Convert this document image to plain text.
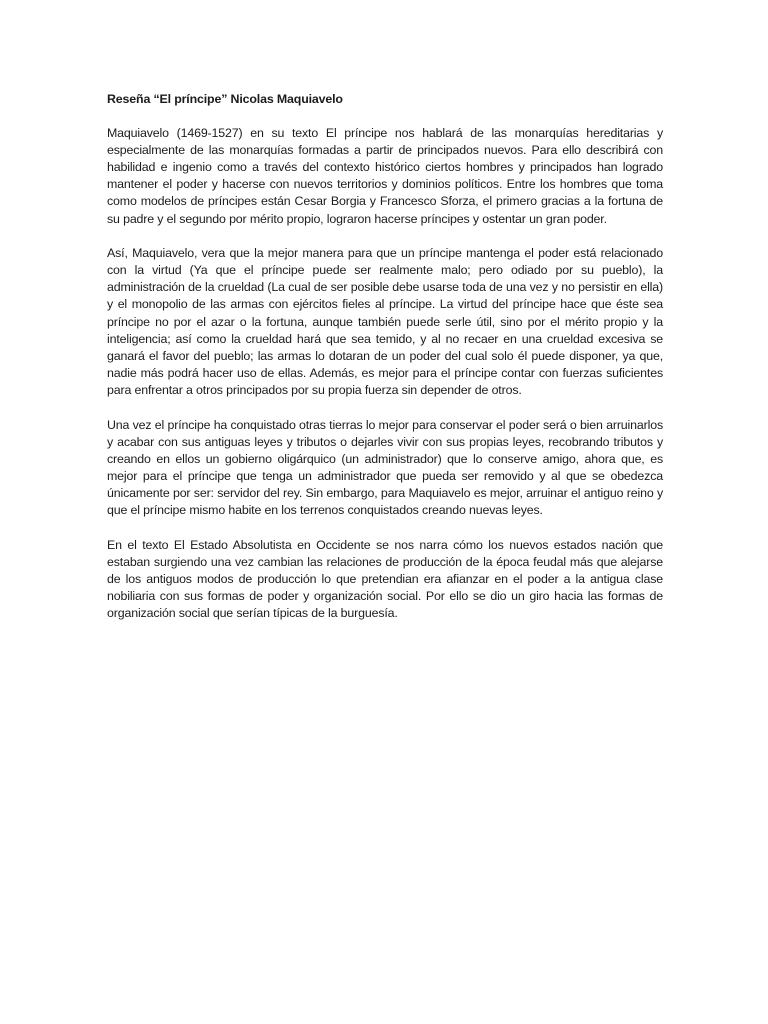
Reseña “El príncipe” Nicolas Maquiavelo

Maquiavelo (1469-1527) en su texto El príncipe nos hablará de las monarquías hereditarias y especialmente de las monarquías formadas a partir de principados nuevos. Para ello describirá con habilidad e ingenio como a través del contexto histórico ciertos hombres y principados han logrado mantener el poder y hacerse con nuevos territorios y dominios políticos. Entre los hombres que toma como modelos de príncipes están Cesar Borgia y Francesco Sforza, el primero gracias a la fortuna de su padre y el segundo por mérito propio, lograron hacerse príncipes y ostentar un gran poder.

Así, Maquiavelo, vera que la mejor manera para que un príncipe mantenga el poder está relacionado con la virtud (Ya que el príncipe puede ser realmente malo; pero odiado por su pueblo), la administración de la crueldad (La cual de ser posible debe usarse toda de una vez y no persistir en ella) y el monopolio de las armas con ejércitos fieles al príncipe. La virtud del príncipe hace que éste sea príncipe no por el azar o la fortuna, aunque también puede serle útil, sino por el mérito propio y la inteligencia; así como la crueldad hará que sea temido, y al no recaer en una crueldad excesiva se ganará el favor del pueblo; las armas lo dotaran de un poder del cual solo él puede disponer, ya que, nadie más podrá hacer uso de ellas. Además, es mejor para el príncipe contar con fuerzas suficientes para enfrentar a otros principados por su propia fuerza sin depender de otros.

Una vez el príncipe ha conquistado otras tierras lo mejor para conservar el poder será o bien arruinarlos y acabar con sus antiguas leyes y tributos o dejarles vivir con sus propias leyes, recobrando tributos y creando en ellos un gobierno oligárquico (un administrador) que lo conserve amigo, ahora que, es mejor para el príncipe que tenga un administrador que pueda ser removido y al que se obedezca únicamente por ser: servidor del rey. Sin embargo, para Maquiavelo es mejor, arruinar el antiguo reino y que el príncipe mismo habite en los terrenos conquistados creando nuevas leyes.

En el texto El Estado Absolutista en Occidente se nos narra cómo los nuevos estados nación que estaban surgiendo una vez cambian las relaciones de producción de la época feudal más que alejarse de los antiguos modos de producción lo que pretendian era afianzar en el poder a la antigua clase nobiliaria con sus formas de poder y organización social. Por ello se dio un giro hacia las formas de organización social que serían típicas de la burguesía.
